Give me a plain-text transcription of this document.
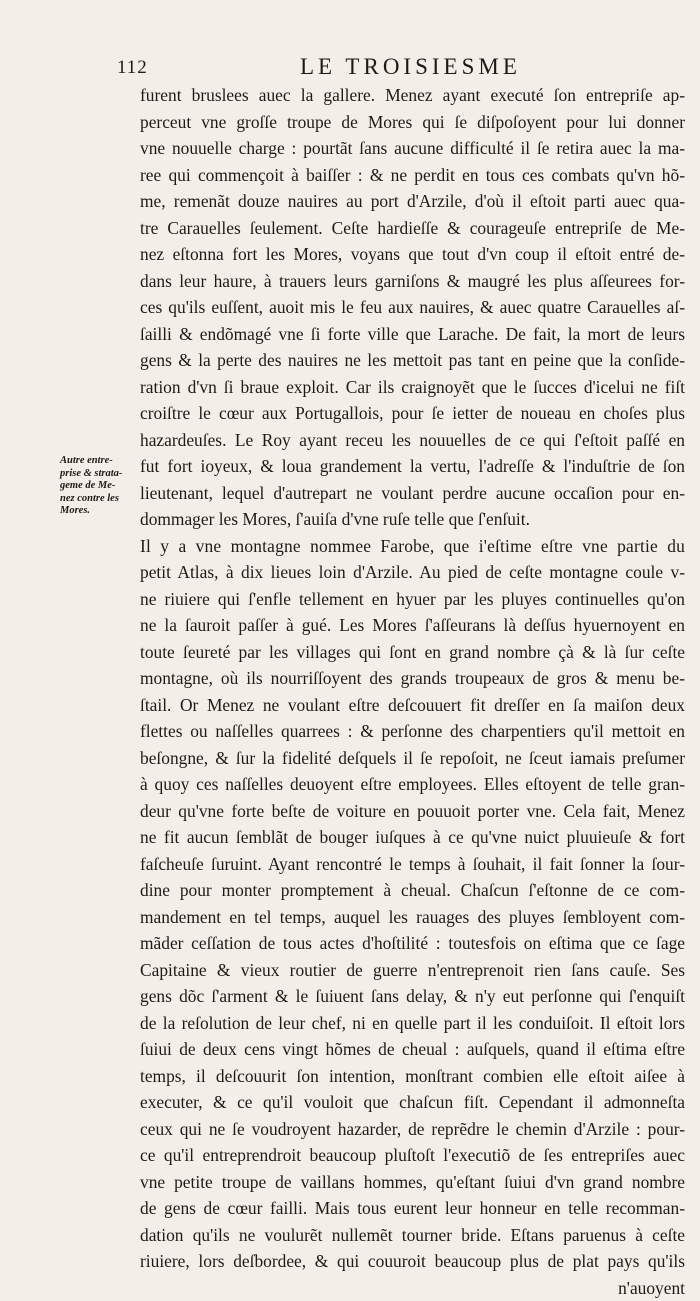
112	LE TROISIESME
Autre entre-
prise & strata-
geme de Me-
nez contre les
Mores.
furent bruslees auec la gallere. Menez ayant executé ſon entrepriſe ap-
perceut vne groſſe troupe de Mores qui ſe diſpoſoyent pour lui donner
vne nouuelle charge : pourtãt ſans aucune difficulté il ſe retira auec la ma-
ree qui commençoit à baiſſer : & ne perdit en tous ces combats qu'vn hõ-
me, remenãt douze nauires au port d'Arzile, d'où il eſtoit parti auec qua-
tre Carauelles ſeulement. Ceſte hardieſſe & courageuſe entrepriſe de Me-
nez eſtonna fort les Mores, voyans que tout d'vn coup il eſtoit entré de-
dans leur haure, à trauers leurs garniſons & maugré les plus aſſeurees for-
ces qu'ils euſſent, auoit mis le feu aux nauires, & auec quatre Carauelles aſ-
ſailli & endõmagé vne ſi forte ville que Larache. De fait, la mort de leurs
gens & la perte des nauires ne les mettoit pas tant en peine que la conſide-
ration d'vn ſi braue exploit. Car ils craignoyẽt que le ſucces d'icelui ne fiſt
croiſtre le cœur aux Portugallois, pour ſe ietter de noueau en choſes plus
hazardeuſes. Le Roy ayant receu les nouuelles de ce qui ſ'eſtoit paſſé en
fut fort ioyeux, & loua grandement la vertu, l'adreſſe & l'induſtrie de ſon
lieutenant, lequel d'autrepart ne voulant perdre aucune occaſion pour en-
dommager les Mores, ſ'auiſa d'vne ruſe telle que ſ'enſuit.
Il y a vne montagne nommee Farobe, que i'eſtime eſtre vne partie du
petit Atlas, à dix lieues loin d'Arzile. Au pied de ceſte montagne coule v-
ne riuiere qui ſ'enfle tellement en hyuer par les pluyes continuelles qu'on
ne la ſauroit paſſer à gué. Les Mores ſ'aſſeurans là deſſus hyuernoyent en
toute ſeureté par les villages qui ſont en grand nombre çà & là ſur ceſte
montagne, où ils nourriſſoyent des grands troupeaux de gros & menu be-
ſtail. Or Menez ne voulant eſtre deſcouuert fit dreſſer en ſa maiſon deux
flettes ou naſſelles quarrees : & perſonne des charpentiers qu'il mettoit en
beſongne, & ſur la fidelité deſquels il ſe repoſoit, ne ſceut iamais preſumer
à quoy ces naſſelles deuoyent eſtre employees. Elles eſtoyent de telle gran-
deur qu'vne forte beſte de voiture en pouuoit porter vne. Cela fait, Menez
ne fit aucun ſemblãt de bouger iuſques à ce qu'vne nuict pluuieuſe & fort
faſcheuſe ſuruint. Ayant rencontré le temps à ſouhait, il fait ſonner la ſour-
dine pour monter promptement à cheual. Chaſcun ſ'eſtonne de ce com-
mandement en tel temps, auquel les rauages des pluyes ſembloyent com-
mãder ceſſation de tous actes d'hoſtilité : toutesfois on eſtima que ce ſage
Capitaine & vieux routier de guerre n'entreprenoit rien ſans cauſe. Ses
gens dõc ſ'arment & le ſuiuent ſans delay, & n'y eut perſonne qui ſ'enquiſt
de la reſolution de leur chef, ni en quelle part il les conduiſoit. Il eſtoit lors
ſuiui de deux cens vingt hõmes de cheual : auſquels, quand il eſtima eſtre
temps, il deſcouurit ſon intention, monſtrant combien elle eſtoit aiſee à
executer, & ce qu'il vouloit que chaſcun fiſt. Cependant il admonneſta
ceux qui ne ſe voudroyent hazarder, de reprẽdre le chemin d'Arzile : pour-
ce qu'il entreprendroit beaucoup pluſtoſt l'executiõ de ſes entrepriſes auec
vne petite troupe de vaillans hommes, qu'eſtant ſuiui d'vn grand nombre
de gens de cœur failli. Mais tous eurent leur honneur en telle recomman-
dation qu'ils ne voulurẽt nullemẽt tourner bride. Eſtans paruenus à ceſte
riuiere, lors deſbordee, & qui couuroit beaucoup plus de plat pays qu'ils
n'auoyent
